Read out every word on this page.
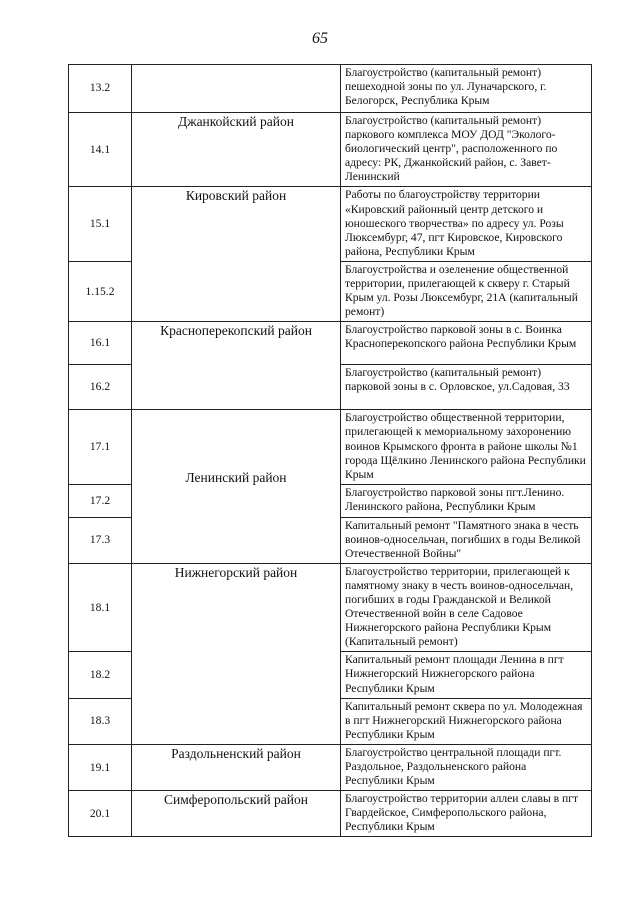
65
13.2		Благоустройство (капитальный ремонт) пешеходной зоны по ул. Луначарского, г. Белогорск, Республика Крым
14.1	Джанкойский район	Благоустройство (капитальный ремонт) паркового комплекса МОУ ДОД "Эколого-биологический центр", расположенного по адресу: РК, Джанкойский район, с. Завет-Ленинский
15.1	Кировский район	Работы по благоустройству территории «Кировский районный центр детского и юношеского творчества» по адресу ул. Розы Люксембург, 47, пгт Кировское, Кировского района, Республики Крым
1.15.2		Благоустройства и озеленение общественной территории, прилегающей к скверу г. Старый Крым ул. Розы Люксембург, 21А (капитальный ремонт)
16.1	Красноперекопский район	Благоустройство парковой зоны в с. Воинка Красноперекопского района Республики Крым
16.2		Благоустройство (капитальный ремонт) парковой зоны в с. Орловское, ул.Садовая, 33
17.1		Благоустройство общественной территории, прилегающей к мемориальному захоронению воинов Крымского фронта в районе школы №1 города Щёлкино Ленинского района Республики Крым
17.2	Ленинский район	Благоустройство парковой зоны пгт.Ленино. Ленинского района, Республики Крым
17.3		Капитальный ремонт "Памятного знака в честь воинов-односельчан, погибших в годы Великой Отечественной Войны"
18.1	Нижнегорский район	Благоустройство территории, прилегающей к памятному знаку в честь воинов-односельчан, погибших в годы Гражданской и Великой Отечественной войн в селе Садовое Нижнегорского района Республики Крым (Капитальный ремонт)
18.2		Капитальный ремонт площади Ленина в пгт Нижнегорский Нижнегорского района Республики Крым
18.3		Капитальный ремонт сквера по ул. Молодежная в пгт Нижнегорский Нижнегорского района Республики Крым
19.1	Раздольненский район	Благоустройство центральной площади пгт. Раздольное, Раздольненского района Республики Крым
20.1	Симферопольский район	Благоустройство территории аллеи славы в пгт Гвардейское, Симферопольского района, Республики Крым
